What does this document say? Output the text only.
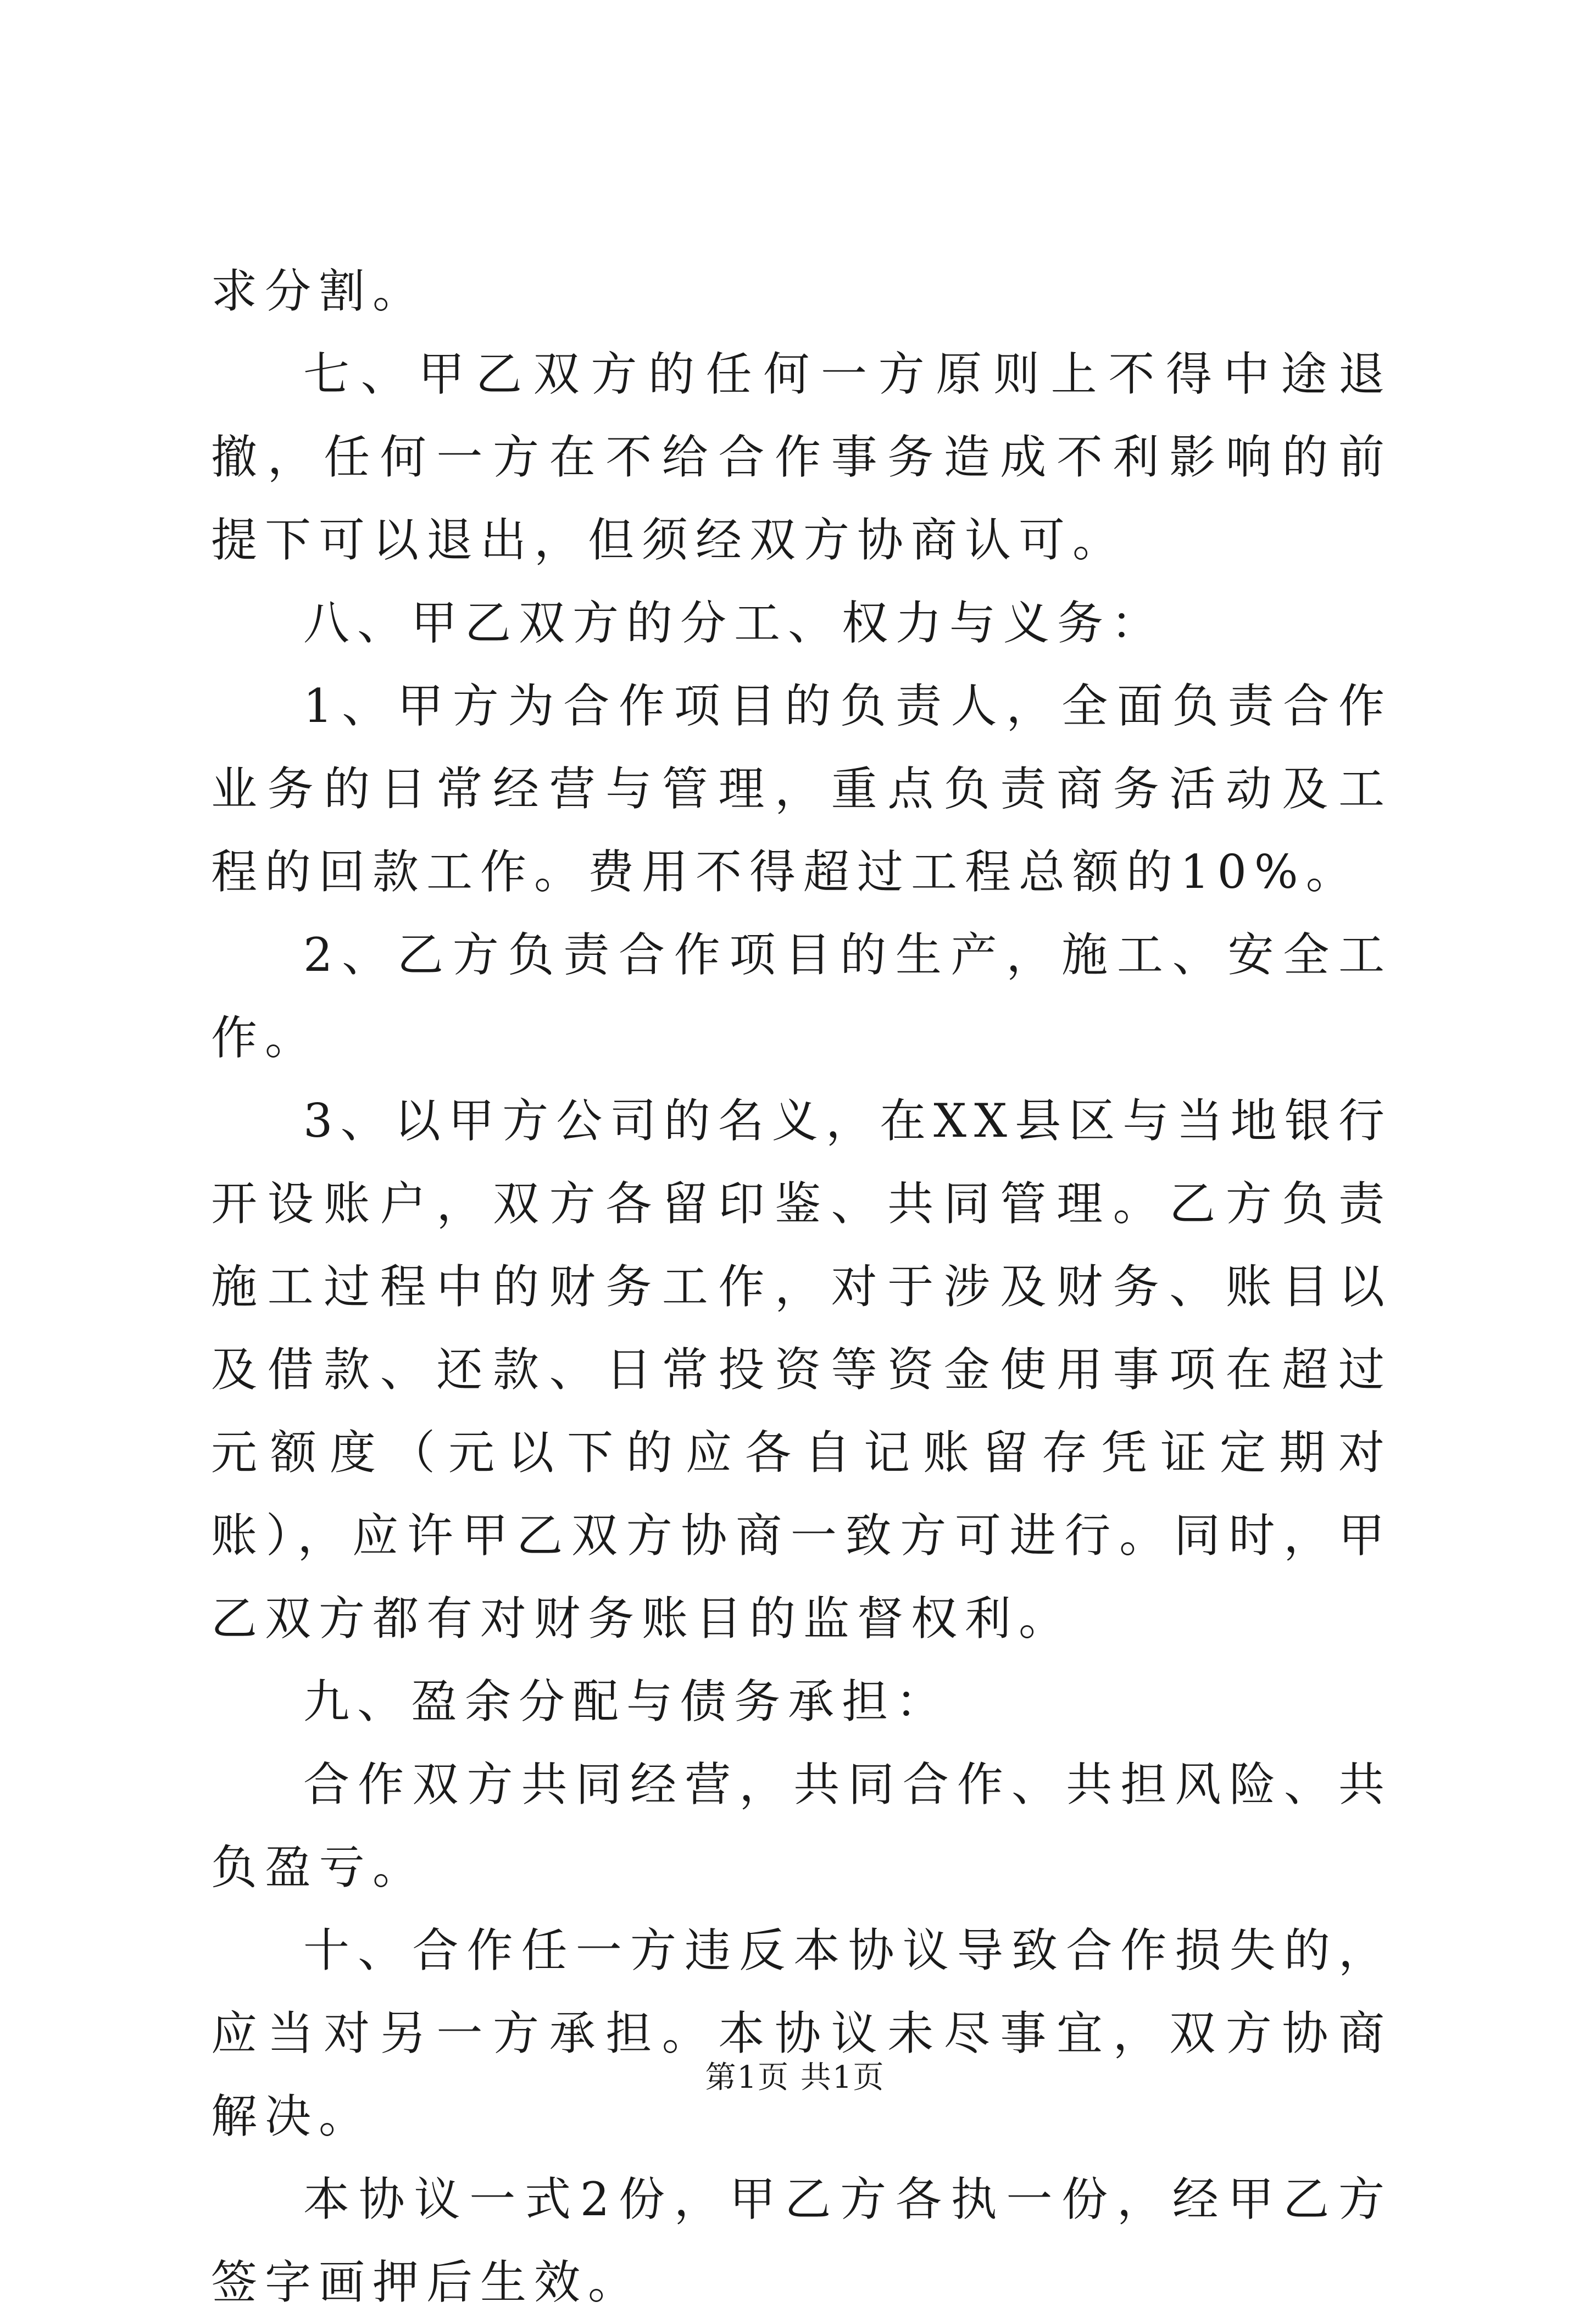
求分割。

七、甲乙双方的任何一方原则上不得中途退撤，任何一方在不给合作事务造成不利影响的前提下可以退出，但须经双方协商认可。

八、甲乙双方的分工、权力与义务：

1、甲方为合作项目的负责人，全面负责合作业务的日常经营与管理，重点负责商务活动及工程的回款工作。费用不得超过工程总额的10%。

2、乙方负责合作项目的生产，施工、安全工作。

3、以甲方公司的名义，在XX县区与当地银行开设账户，双方各留印鉴、共同管理。乙方负责施工过程中的财务工作，对于涉及财务、账目以及借款、还款、日常投资等资金使用事项在超过元额度（元以下的应各自记账留存凭证定期对账），应许甲乙双方协商一致方可进行。同时，甲乙双方都有对财务账目的监督权利。

九、盈余分配与债务承担：

合作双方共同经营，共同合作、共担风险、共负盈亏。

十、合作任一方违反本协议导致合作损失的，应当对另一方承担。本协议未尽事宜，双方协商解决。

本协议一式2份，甲乙方各执一份，经甲乙方签字画押后生效。

第1页 共1页
